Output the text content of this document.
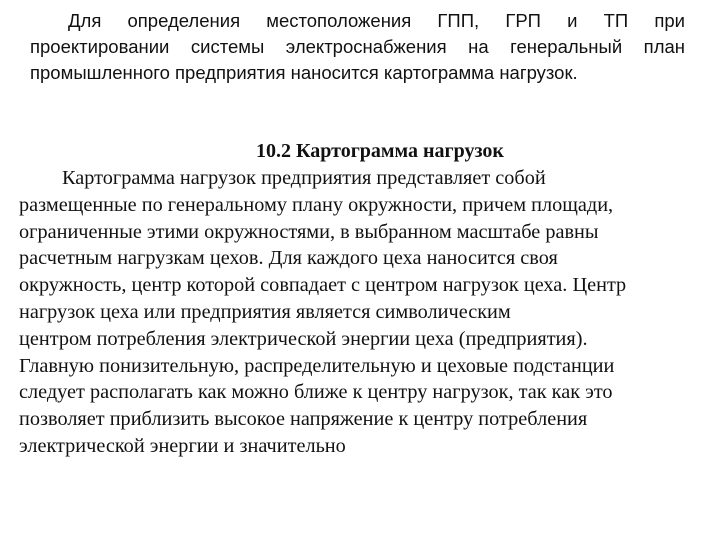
Для определения местоположения ГПП, ГРП и ТП при
проектировании системы электроснабжения на генеральный план
промышленного предприятия наносится картограмма нагрузок.
10.2 Картограмма нагрузок
Картограмма нагрузок предприятия представляет собой
размещенные по генеральному плану окружности, причем площади,
ограниченные этими окружностями, в выбранном масштабе равны
расчетным нагрузкам цехов. Для каждого цеха наносится своя
окружность, центр которой совпадает с центром нагрузок цеха. Центр
нагрузок цеха или предприятия является символическим
центром потребления электрической энергии цеха (предприятия).
Главную понизительную, распределительную и цеховые подстанции
следует располагать как можно ближе к центру нагрузок, так как это
позволяет приблизить высокое напряжение к центру потребления
электрической энергии и значительно
